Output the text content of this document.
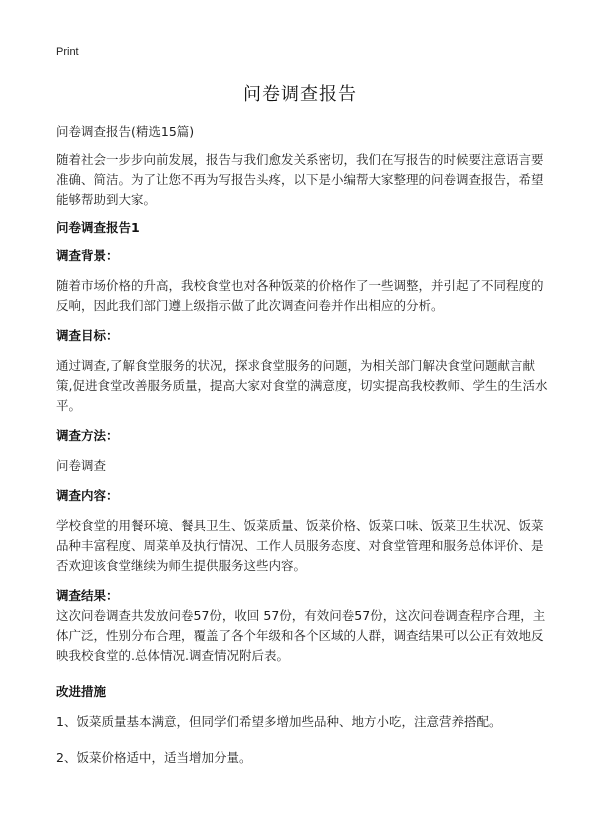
Print
问卷调查报告

问卷调查报告(精选15篇)

随着社会一步步向前发展，报告与我们愈发关系密切，我们在写报告的时候要注意语言要准确、简洁。为了让您不再为写报告头疼，以下是小编帮大家整理的问卷调查报告，希望能够帮助到大家。

问卷调查报告1

调查背景：

随着市场价格的升高，我校食堂也对各种饭菜的价格作了一些调整，并引起了不同程度的反响，因此我们部门遵上级指示做了此次调查问卷并作出相应的分析。

调查目标：

通过调查,了解食堂服务的状况，探求食堂服务的问题，为相关部门解决食堂问题献言献策,促进食堂改善服务质量，提高大家对食堂的满意度，切实提高我校教师、学生的生活水平。

调查方法：

问卷调查

调查内容：

学校食堂的用餐环境、餐具卫生、饭菜质量、饭菜价格、饭菜口味、饭菜卫生状况、饭菜品种丰富程度、周菜单及执行情况、工作人员服务态度、对食堂管理和服务总体评价、是否欢迎该食堂继续为师生提供服务这些内容。

调查结果：

这次问卷调查共发放问卷57份，收回 57份，有效问卷57份，这次问卷调查程序合理，主体广泛，性别分布合理，覆盖了各个年级和各个区域的人群，调查结果可以公正有效地反映我校食堂的.总体情况.调查情况附后表。

改进措施

1、饭菜质量基本满意，但同学们希望多增加些品种、地方小吃，注意营养搭配。

2、饭菜价格适中，适当增加分量。
